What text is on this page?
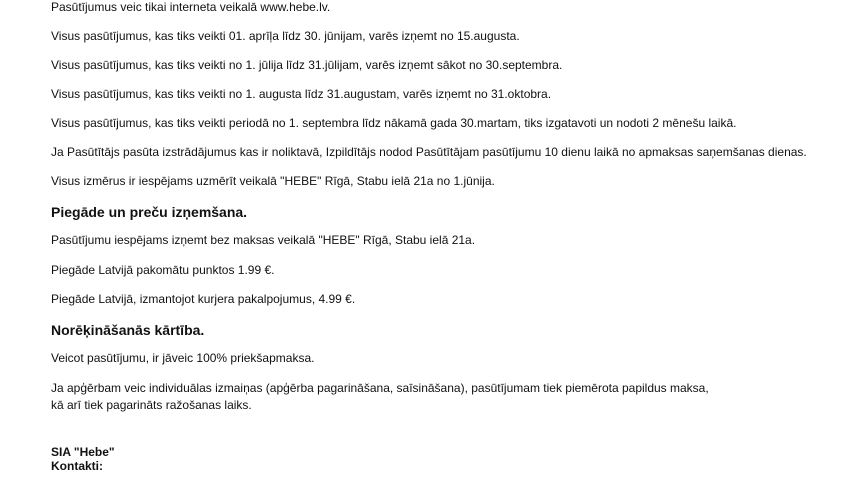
Pasūtījumus veic tikai interneta veikalā www.hebe.lv.

Visus pasūtījumus, kas tiks veikti 01. aprīļa līdz 30. jūnijam, varēs izņemt no 15.augusta.

Visus pasūtījumus, kas tiks veikti no 1. jūlija līdz 31.jūlijam, varēs izņemt sākot no 30.septembra.

Visus pasūtījumus, kas tiks veikti no 1. augusta līdz 31.augustam, varēs izņemt no 31.oktobra.

Visus pasūtījumus, kas tiks veikti periodā no 1. septembra līdz nākamā gada 30.martam, tiks izgatavoti un nodoti 2 mēnešu laikā.

Ja Pasūtītājs pasūta izstrādājumus kas ir noliktavā, Izpildītājs nodod Pasūtītājam pasūtījumu 10 dienu laikā no apmaksas saņemšanas dienas.

Visus izmērus ir iespējams uzmērīt veikalā "HEBE" Rīgā, Stabu ielā 21a no 1.jūnija.

Piegāde un preču izņemšana.

Pasūtījumu iespējams izņemt bez maksas veikalā "HEBE" Rīgā, Stabu ielā 21a.

Piegāde Latvijā pakomātu punktos 1.99 €.

Piegāde Latvijā, izmantojot kurjera pakalpojumus, 4.99 €.

Norēķināšanās kārtība.

Veicot pasūtījumu, ir jāveic 100% priekšapmaksa.

Ja apģērbam veic individuālas izmaiņas (apģērba pagarināšana, saīsināšana), pasūtījumam tiek piemērota papildus maksa,

kā arī tiek pagarināts ražošanas laiks.

SIA "Hebe"

Kontakti:
